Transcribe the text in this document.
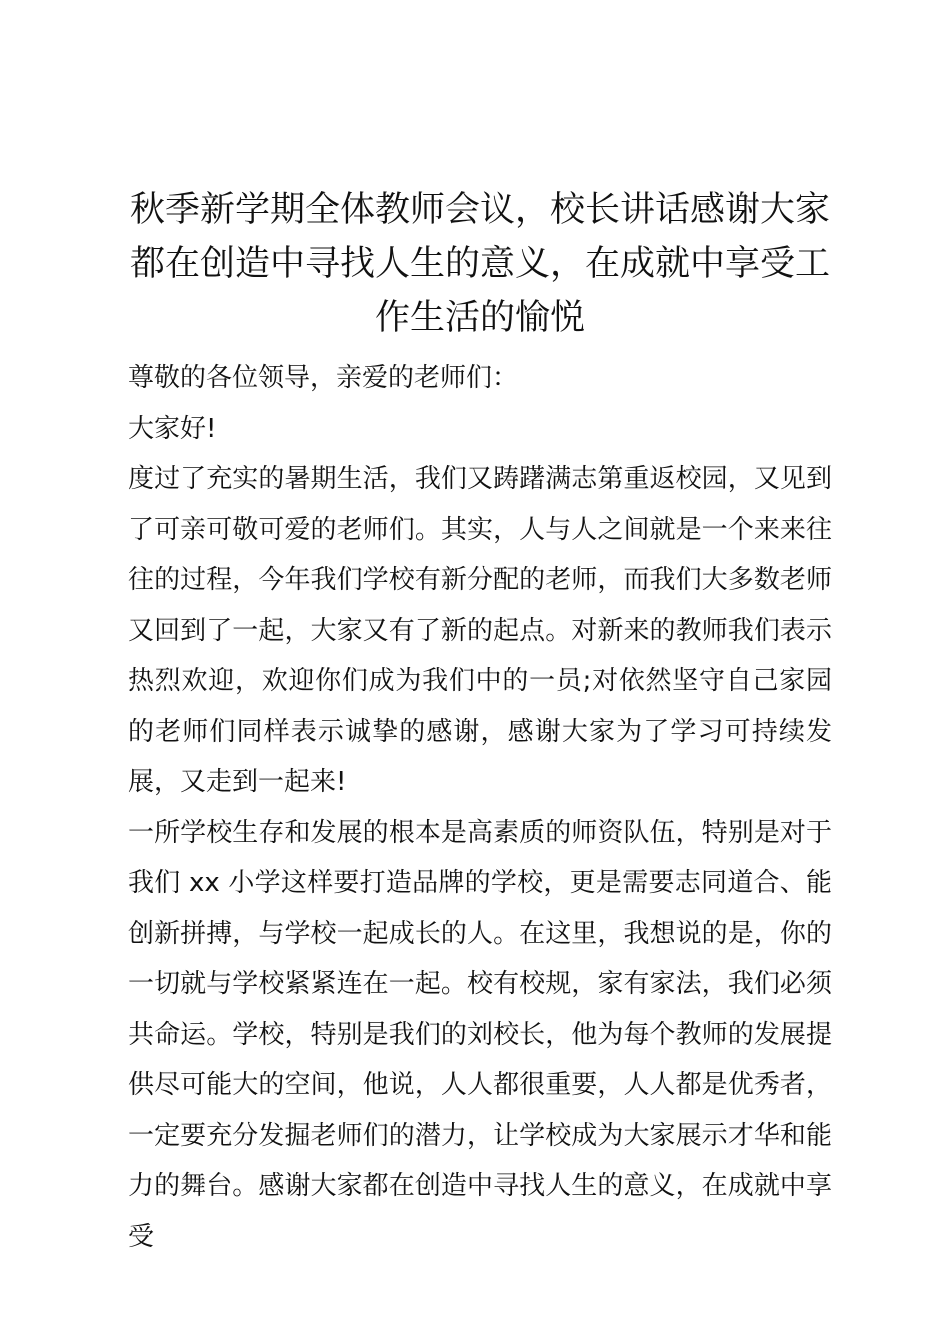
秋季新学期全体教师会议，校长讲话感谢大家都在创造中寻找人生的意义，在成就中享受工作生活的愉悦

尊敬的各位领导，亲爱的老师们：

大家好!

度过了充实的暑期生活，我们又踌躇满志第重返校园，又见到了可亲可敬可爱的老师们。其实，人与人之间就是一个来来往往的过程，今年我们学校有新分配的老师，而我们大多数老师又回到了一起，大家又有了新的起点。对新来的教师我们表示热烈欢迎，欢迎你们成为我们中的一员;对依然坚守自己家园的老师们同样表示诚挚的感谢，感谢大家为了学习可持续发展，又走到一起来!

一所学校生存和发展的根本是高素质的师资队伍，特别是对于我们 xx 小学这样要打造品牌的学校，更是需要志同道合、能创新拼搏，与学校一起成长的人。在这里，我想说的是，你的一切就与学校紧紧连在一起。校有校规，家有家法，我们必须共命运。学校，特别是我们的刘校长，他为每个教师的发展提供尽可能大的空间，他说，人人都很重要，人人都是优秀者，一定要充分发掘老师们的潜力，让学校成为大家展示才华和能力的舞台。感谢大家都在创造中寻找人生的意义，在成就中享受
